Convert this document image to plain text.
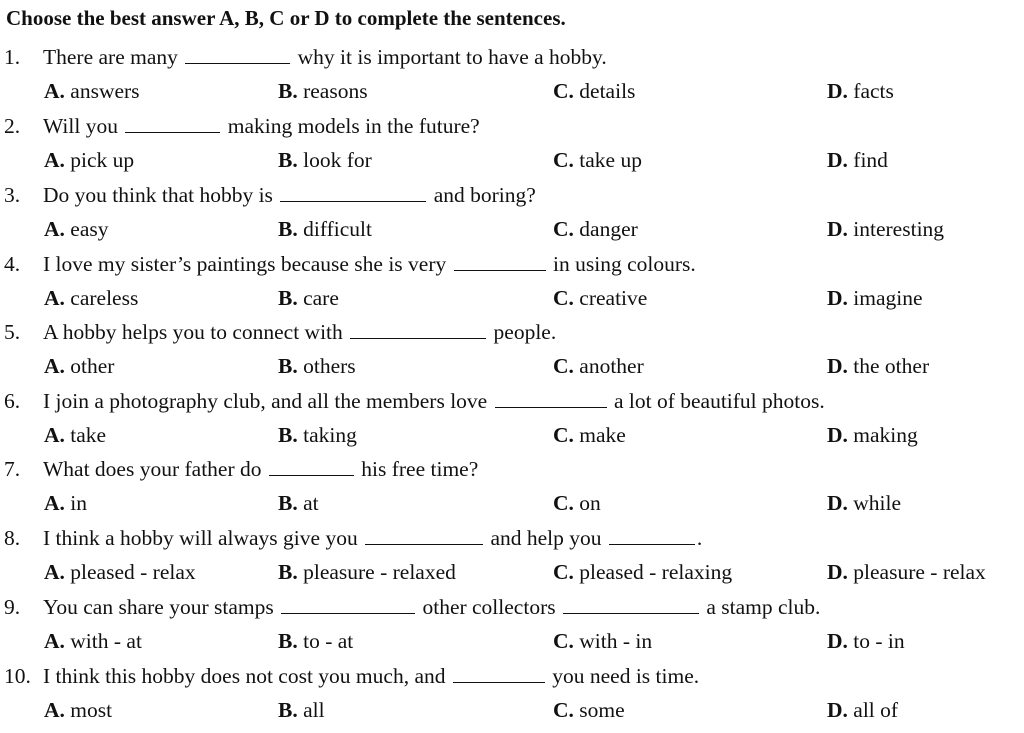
Choose the best answer A, B, C or D to complete the sentences.
1. There are many	why it is important to have a hobby.
A. answers	B. reasons	C. details	D. facts
2. Will you	making models in the future?
A. pick up	B. look for	C. take up	D. find
3. Do you think that hobby is	and boring?
A. easy	B. difficult	C. danger	D. interesting
4. I love my sister’s paintings because she is very	in using colours.
A. careless	B. care	C. creative	D. imagine
5. A hobby helps you to connect with	people.
A. other	B. others	C. another	D. the other
6. I join a photography club, and all the members love	a lot of beautiful photos.
A. take	B. taking	C. make	D. making
7. What does your father do	his free time?
A. in	B. at	C. on	D. while
8. I think a hobby will always give you	and help you	.
A. pleased - relax	B. pleasure - relaxed	C. pleased - relaxing	D. pleasure - relax
9. You can share your stamps	other collectors	a stamp club.
A. with - at	B. to - at	C. with - in	D. to - in
10. I think this hobby does not cost you much, and	you need is time.
A. most	B. all	C. some	D. all of
